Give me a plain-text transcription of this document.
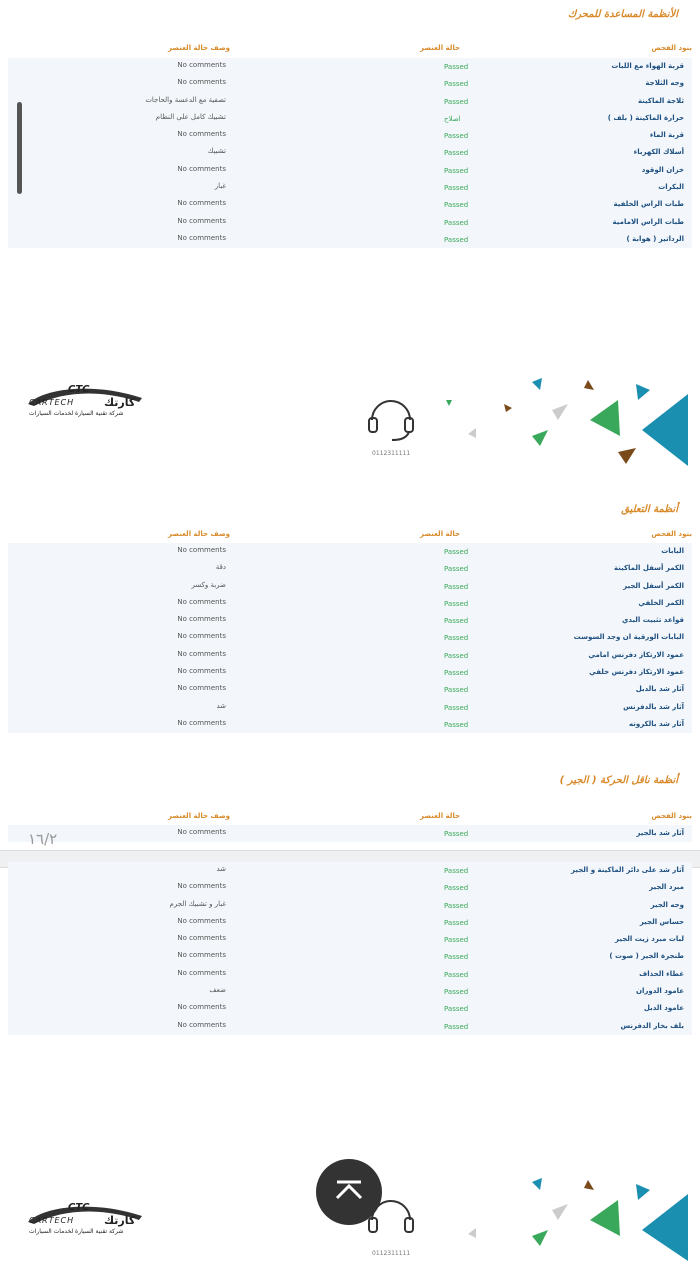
الأنظمة المساعدة للمحرك
بنود الفحص
حالة العنصر
وصف حالة العنصر
قربة الهواء مع اللبات
Passed
No comments
وجه الثلاجة
Passed
No comments
ثلاجة الماكينة
Passed
تصفية مع الدعسة والحاجات
حرارة الماكينة ( بلف )
اصلاح
تشبيك كامل على النظام
قربة الماء
Passed
No comments
أسلاك الكهرباء
Passed
تشبيك
خزان الوقود
Passed
No comments
البكرات
Passed
غبار
طبات الراس الخلفية
Passed
No comments
طبات الراس الامامية
Passed
No comments
الرداتير ( هوابة )
Passed
No comments
CTC
كارتك
CARTECH
شركة تقنية السيارة لخدمات السيارات
0112311111
أنظمة التعليق
بنود الفحص
حالة العنصر
وصف حالة العنصر
البابات
Passed
No comments
الكمر أسفل الماكينة
Passed
دقة
الكمر أسفل الجير
Passed
ضربة وكسر
الكمر الخلفي
Passed
No comments
قواعد تثبيت البدي
Passed
No comments
البابات الورقية ان وجد السوست
Passed
No comments
عمود الارتكاز دفرنس امامي
Passed
No comments
عمود الارتكاز دفرنس خلفي
Passed
No comments
آثار شد بالدبل
Passed
No comments
آثار شد بالدفرنس
Passed
شد
آثار شد بالكرونه
Passed
No comments
أنظمة ناقل الحركة ( الجير )
بنود الفحص
حالة العنصر
وصف حالة العنصر
آثار شد بالجير
Passed
No comments
١٦/٢
آثار شد على دائر الماكينة و الجير
Passed
شد
مبرد الجير
Passed
No comments
وجه الجير
Passed
غبار و تشبيك الجرم
حساس الجير
Passed
No comments
لبات مبرد زيت الجير
Passed
No comments
طنجرة الجير ( صوت )
Passed
No comments
غطاء الحذاف
Passed
No comments
عامود الدوران
Passed
ضعف
عامود الدبل
Passed
No comments
بلف بخار الدفرنس
Passed
No comments
CTC
كارتك
CARTECH
شركة تقنية السيارة لخدمات السيارات
0112311111
